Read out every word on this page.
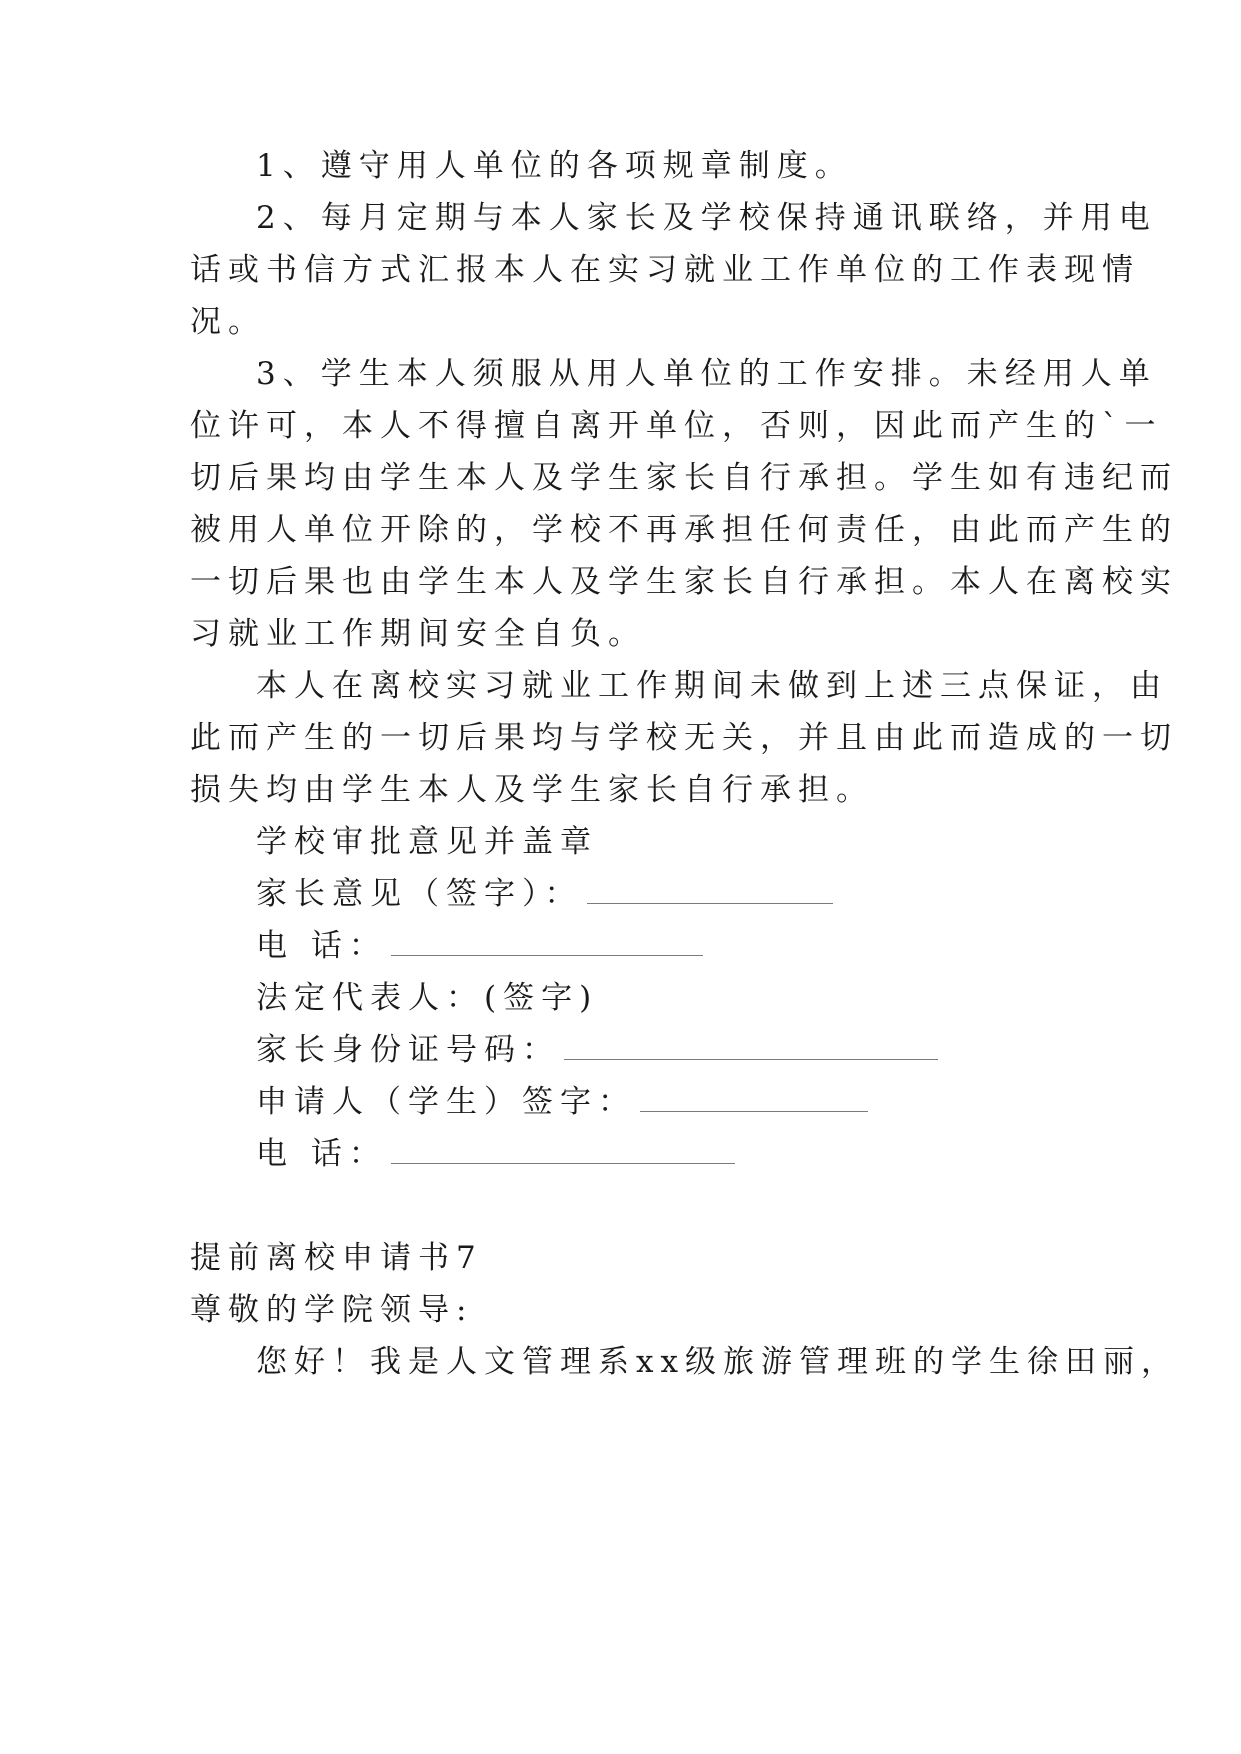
1、遵守用人单位的各项规章制度。
2、每月定期与本人家长及学校保持通讯联络，并用电
话或书信方式汇报本人在实习就业工作单位的工作表现情
况。
3、学生本人须服从用人单位的工作安排。未经用人单
位许可，本人不得擅自离开单位，否则，因此而产生的`一
切后果均由学生本人及学生家长自行承担。学生如有违纪而
被用人单位开除的，学校不再承担任何责任，由此而产生的
一切后果也由学生本人及学生家长自行承担。本人在离校实
习就业工作期间安全自负。
本人在离校实习就业工作期间未做到上述三点保证，由
此而产生的一切后果均与学校无关，并且由此而造成的一切
损失均由学生本人及学生家长自行承担。
学校审批意见并盖章
家长意见（签字）：
电 话：
法定代表人：(签字)
家长身份证号码：
申请人（学生）签字：
电 话：
提前离校申请书7
尊敬的学院领导:
您好！我是人文管理系xx级旅游管理班的学生徐田丽，
